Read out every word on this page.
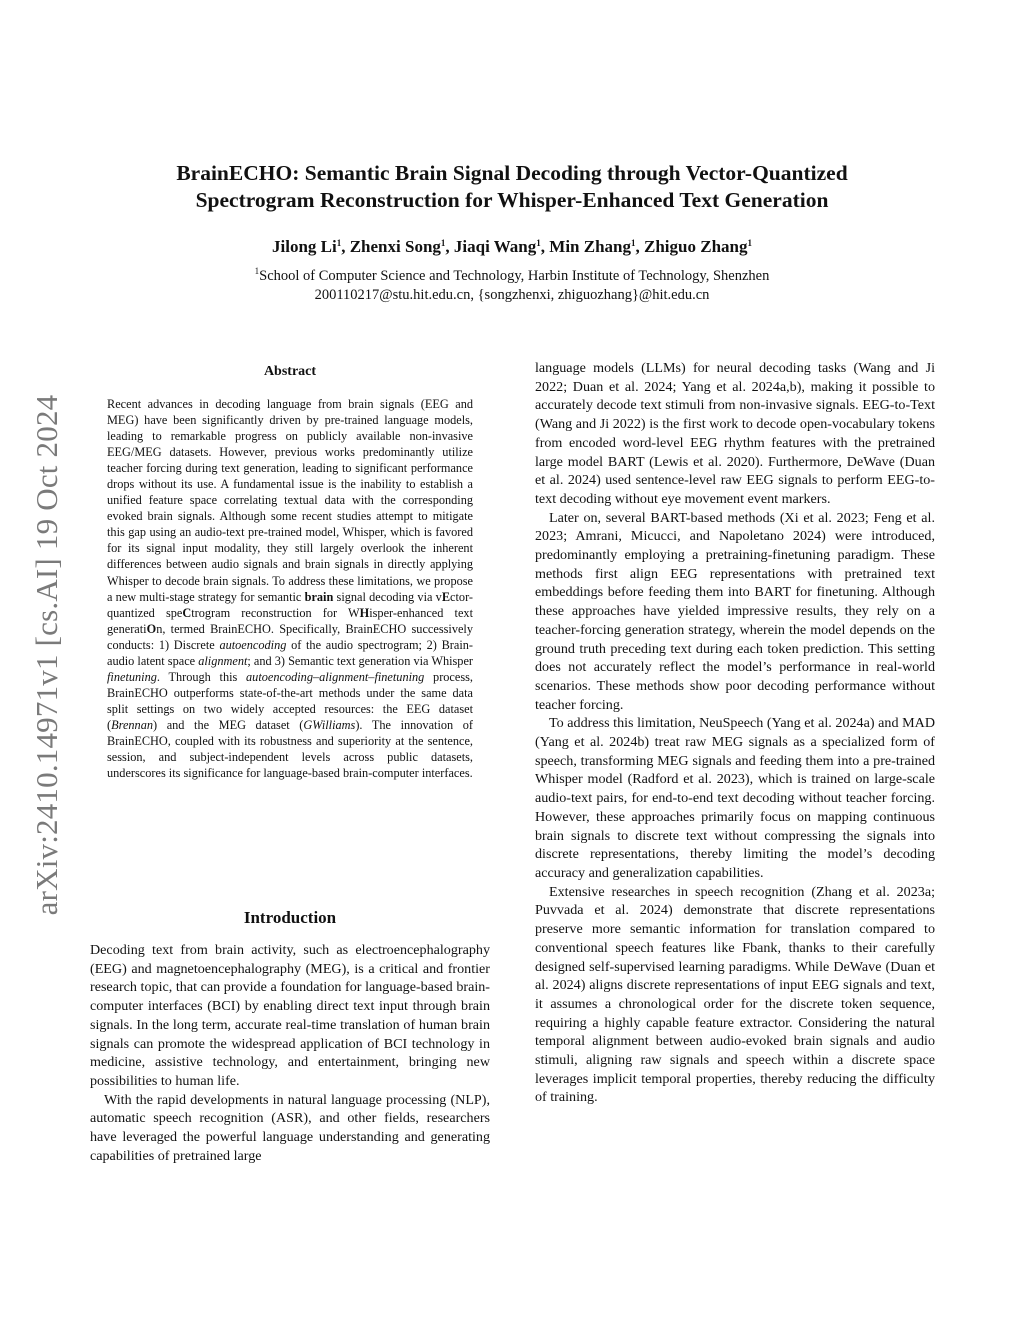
arXiv:2410.14971v1 [cs.AI] 19 Oct 2024
BrainECHO: Semantic Brain Signal Decoding through Vector-Quantized
Spectrogram Reconstruction for Whisper-Enhanced Text Generation
Jilong Li$^1$, Zhenxi Song$^1$, Jiaqi Wang$^1$, Min Zhang$^1$, Zhiguo Zhang$^1$
$^1$School of Computer Science and Technology, Harbin Institute of Technology, Shenzhen
200110217@stu.hit.edu.cn, {songzhenxi, zhiguozhang}@hit.edu.cn
Abstract

Recent advances in decoding language from brain signals (EEG and MEG) have been significantly driven by pre-trained language models, leading to remarkable progress on publicly available non-invasive EEG/MEG datasets. However, previous works predominantly utilize teacher forcing during text generation, leading to significant performance drops without its use. A fundamental issue is the inability to establish a unified feature space correlating textual data with the corresponding evoked brain signals. Although some recent studies attempt to mitigate this gap using an audio-text pre-trained model, Whisper, which is favored for its signal input modality, they still largely overlook the inherent differences between audio signals and brain signals in directly applying Whisper to decode brain signals. To address these limitations, we propose a new multi-stage strategy for semantic brain signal decoding via vEctor-quantized speCtrogram reconstruction for WHisper-enhanced text generatiOn, termed BrainECHO. Specifically, BrainECHO successively conducts: 1) Discrete autoencoding of the audio spectrogram; 2) Brain-audio latent space alignment; and 3) Semantic text generation via Whisper finetuning. Through this autoencoding–alignment–finetuning process, BrainECHO outperforms state-of-the-art methods under the same data split settings on two widely accepted resources: the EEG dataset (Brennan) and the MEG dataset (GWilliams). The innovation of BrainECHO, coupled with its robustness and superiority at the sentence, session, and subject-independent levels across public datasets, underscores its significance for language-based brain-computer interfaces.

Introduction

Decoding text from brain activity, such as electroencephalography (EEG) and magnetoencephalography (MEG), is a critical and frontier research topic, that can provide a foundation for language-based brain-computer interfaces (BCI) by enabling direct text input through brain signals. In the long term, accurate real-time translation of human brain signals can promote the widespread application of BCI technology in medicine, assistive technology, and entertainment, bringing new possibilities to human life.

With the rapid developments in natural language processing (NLP), automatic speech recognition (ASR), and other fields, researchers have leveraged the powerful language understanding and generating capabilities of pretrained large

language models (LLMs) for neural decoding tasks (Wang and Ji 2022; Duan et al. 2024; Yang et al. 2024a,b), making it possible to accurately decode text stimuli from non-invasive signals. EEG-to-Text (Wang and Ji 2022) is the first work to decode open-vocabulary tokens from encoded word-level EEG rhythm features with the pretrained large model BART (Lewis et al. 2020). Furthermore, DeWave (Duan et al. 2024) used sentence-level raw EEG signals to perform EEG-to-text decoding without eye movement event markers.

Later on, several BART-based methods (Xi et al. 2023; Feng et al. 2023; Amrani, Micucci, and Napoletano 2024) were introduced, predominantly employing a pretraining-finetuning paradigm. These methods first align EEG representations with pretrained text embeddings before feeding them into BART for finetuning. Although these approaches have yielded impressive results, they rely on a teacher-forcing generation strategy, wherein the model depends on the ground truth preceding text during each token prediction. This setting does not accurately reflect the model’s performance in real-world scenarios. These methods show poor decoding performance without teacher forcing.

To address this limitation, NeuSpeech (Yang et al. 2024a) and MAD (Yang et al. 2024b) treat raw MEG signals as a specialized form of speech, transforming MEG signals and feeding them into a pre-trained Whisper model (Radford et al. 2023), which is trained on large-scale audio-text pairs, for end-to-end text decoding without teacher forcing. However, these approaches primarily focus on mapping continuous brain signals to discrete text without compressing the signals into discrete representations, thereby limiting the model’s decoding accuracy and generalization capabilities.

Extensive researches in speech recognition (Zhang et al. 2023a; Puvvada et al. 2024) demonstrate that discrete representations preserve more semantic information for translation compared to conventional speech features like Fbank, thanks to their carefully designed self-supervised learning paradigms. While DeWave (Duan et al. 2024) aligns discrete representations of input EEG signals and text, it assumes a chronological order for the discrete token sequence, requiring a highly capable feature extractor. Considering the natural temporal alignment between audio-evoked brain signals and audio stimuli, aligning raw signals and speech within a discrete space leverages implicit temporal properties, thereby reducing the difficulty of training.
